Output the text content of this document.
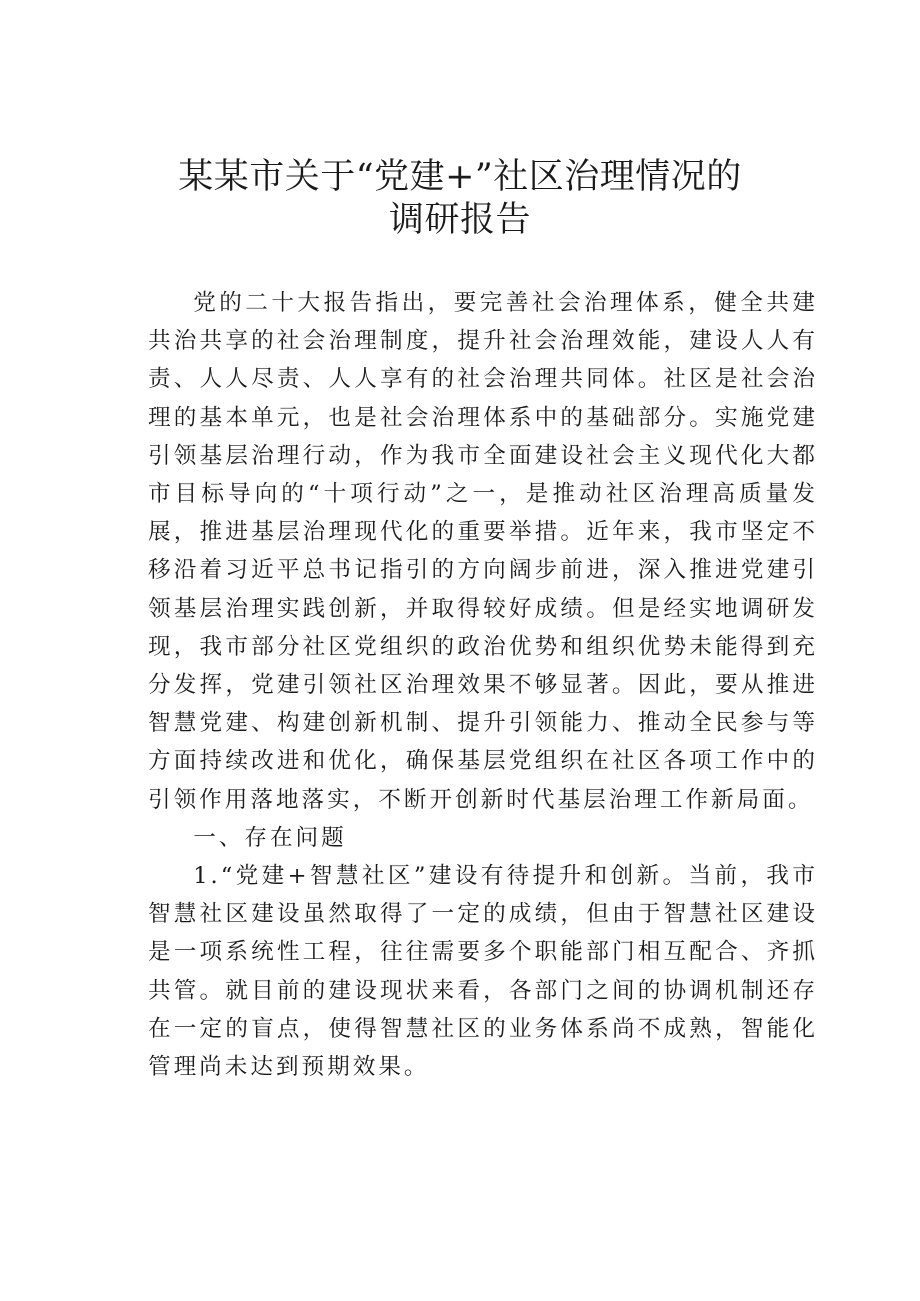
某某市关于“党建+”社区治理情况的
调研报告

党的二十大报告指出，要完善社会治理体系，健全共建共治共享的社会治理制度，提升社会治理效能，建设人人有责、人人尽责、人人享有的社会治理共同体。社区是社会治理的基本单元，也是社会治理体系中的基础部分。实施党建引领基层治理行动，作为我市全面建设社会主义现代化大都市目标导向的“十项行动”之一，是推动社区治理高质量发展，推进基层治理现代化的重要举措。近年来，我市坚定不移沿着习近平总书记指引的方向阔步前进，深入推进党建引领基层治理实践创新，并取得较好成绩。但是经实地调研发现，我市部分社区党组织的政治优势和组织优势未能得到充分发挥，党建引领社区治理效果不够显著。因此，要从推进智慧党建、构建创新机制、提升引领能力、推动全民参与等方面持续改进和优化，确保基层党组织在社区各项工作中的引领作用落地落实，不断开创新时代基层治理工作新局面。

一、存在问题

1.“党建+智慧社区”建设有待提升和创新。当前，我市智慧社区建设虽然取得了一定的成绩，但由于智慧社区建设是一项系统性工程，往往需要多个职能部门相互配合、齐抓共管。就目前的建设现状来看，各部门之间的协调机制还存在一定的盲点，使得智慧社区的业务体系尚不成熟，智能化管理尚未达到预期效果。
